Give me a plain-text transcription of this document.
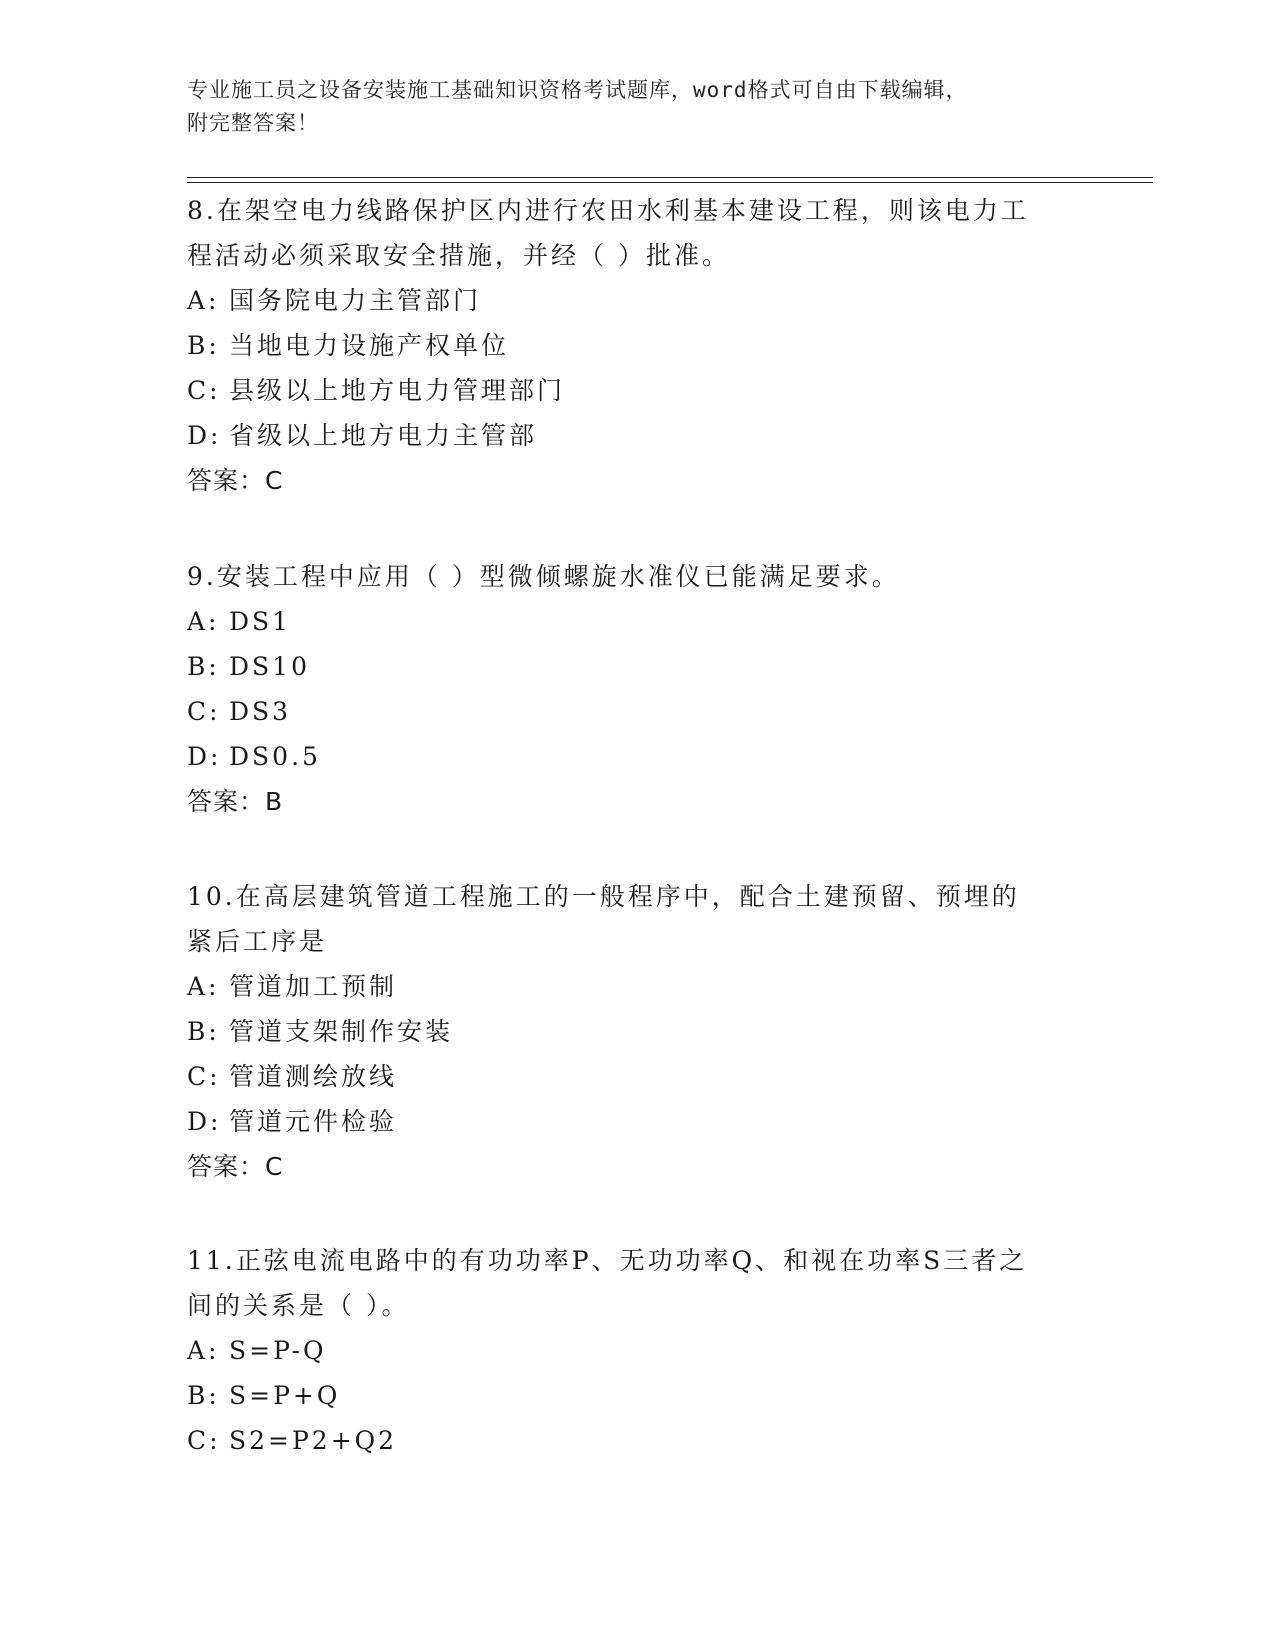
专业施工员之设备安装施工基础知识资格考试题库，word格式可自由下载编辑，
附完整答案！

8.在架空电力线路保护区内进行农田水利基本建设工程，则该电力工程活动必须采取安全措施，并经（ ）批准。

A: 国务院电力主管部门
B: 当地电力设施产权单位
C: 县级以上地方电力管理部门
D: 省级以上地方电力主管部
答案：C

9.安装工程中应用（ ）型微倾螺旋水准仪已能满足要求。

A: DS1
B: DS10
C: DS3
D: DS0.5
答案：B

10.在高层建筑管道工程施工的一般程序中，配合土建预留、预埋的紧后工序是

A: 管道加工预制
B: 管道支架制作安装
C: 管道测绘放线
D: 管道元件检验
答案：C

11.正弦电流电路中的有功功率P、无功功率Q、和视在功率S三者之间的关系是（ ）。

A: S=P-Q
B: S=P+Q
C: S2=P2+Q2
